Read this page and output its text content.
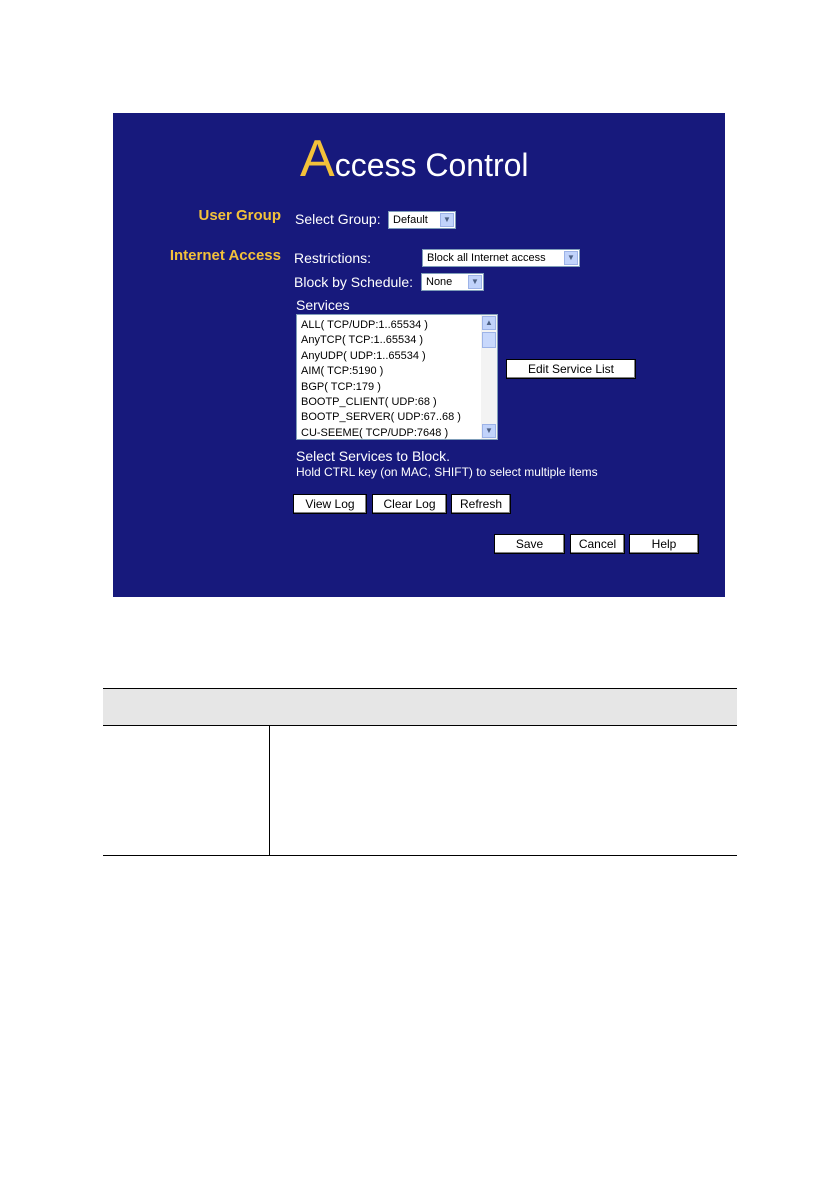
Access Control
User Group Select Group:	Default	▼
Internet Access Restrictions:	Block all Internet access	▼
Block by Schedule:	None	▼
Services
ALL( TCP/UDP:1..65534 )
AnyTCP( TCP:1..65534 )
AnyUDP( UDP:1..65534 )
AIM( TCP:5190 )
BGP( TCP:179 )
BOOTP_CLIENT( UDP:68 )
BOOTP_SERVER( UDP:67..68 )
CU-SEEME( TCP/UDP:7648 )
▲
▼
Edit Service List
Select Services to Block.
Hold CTRL key (on MAC, SHIFT) to select multiple items
View Log	Clear Log	Refresh
Save	Cancel	Help
